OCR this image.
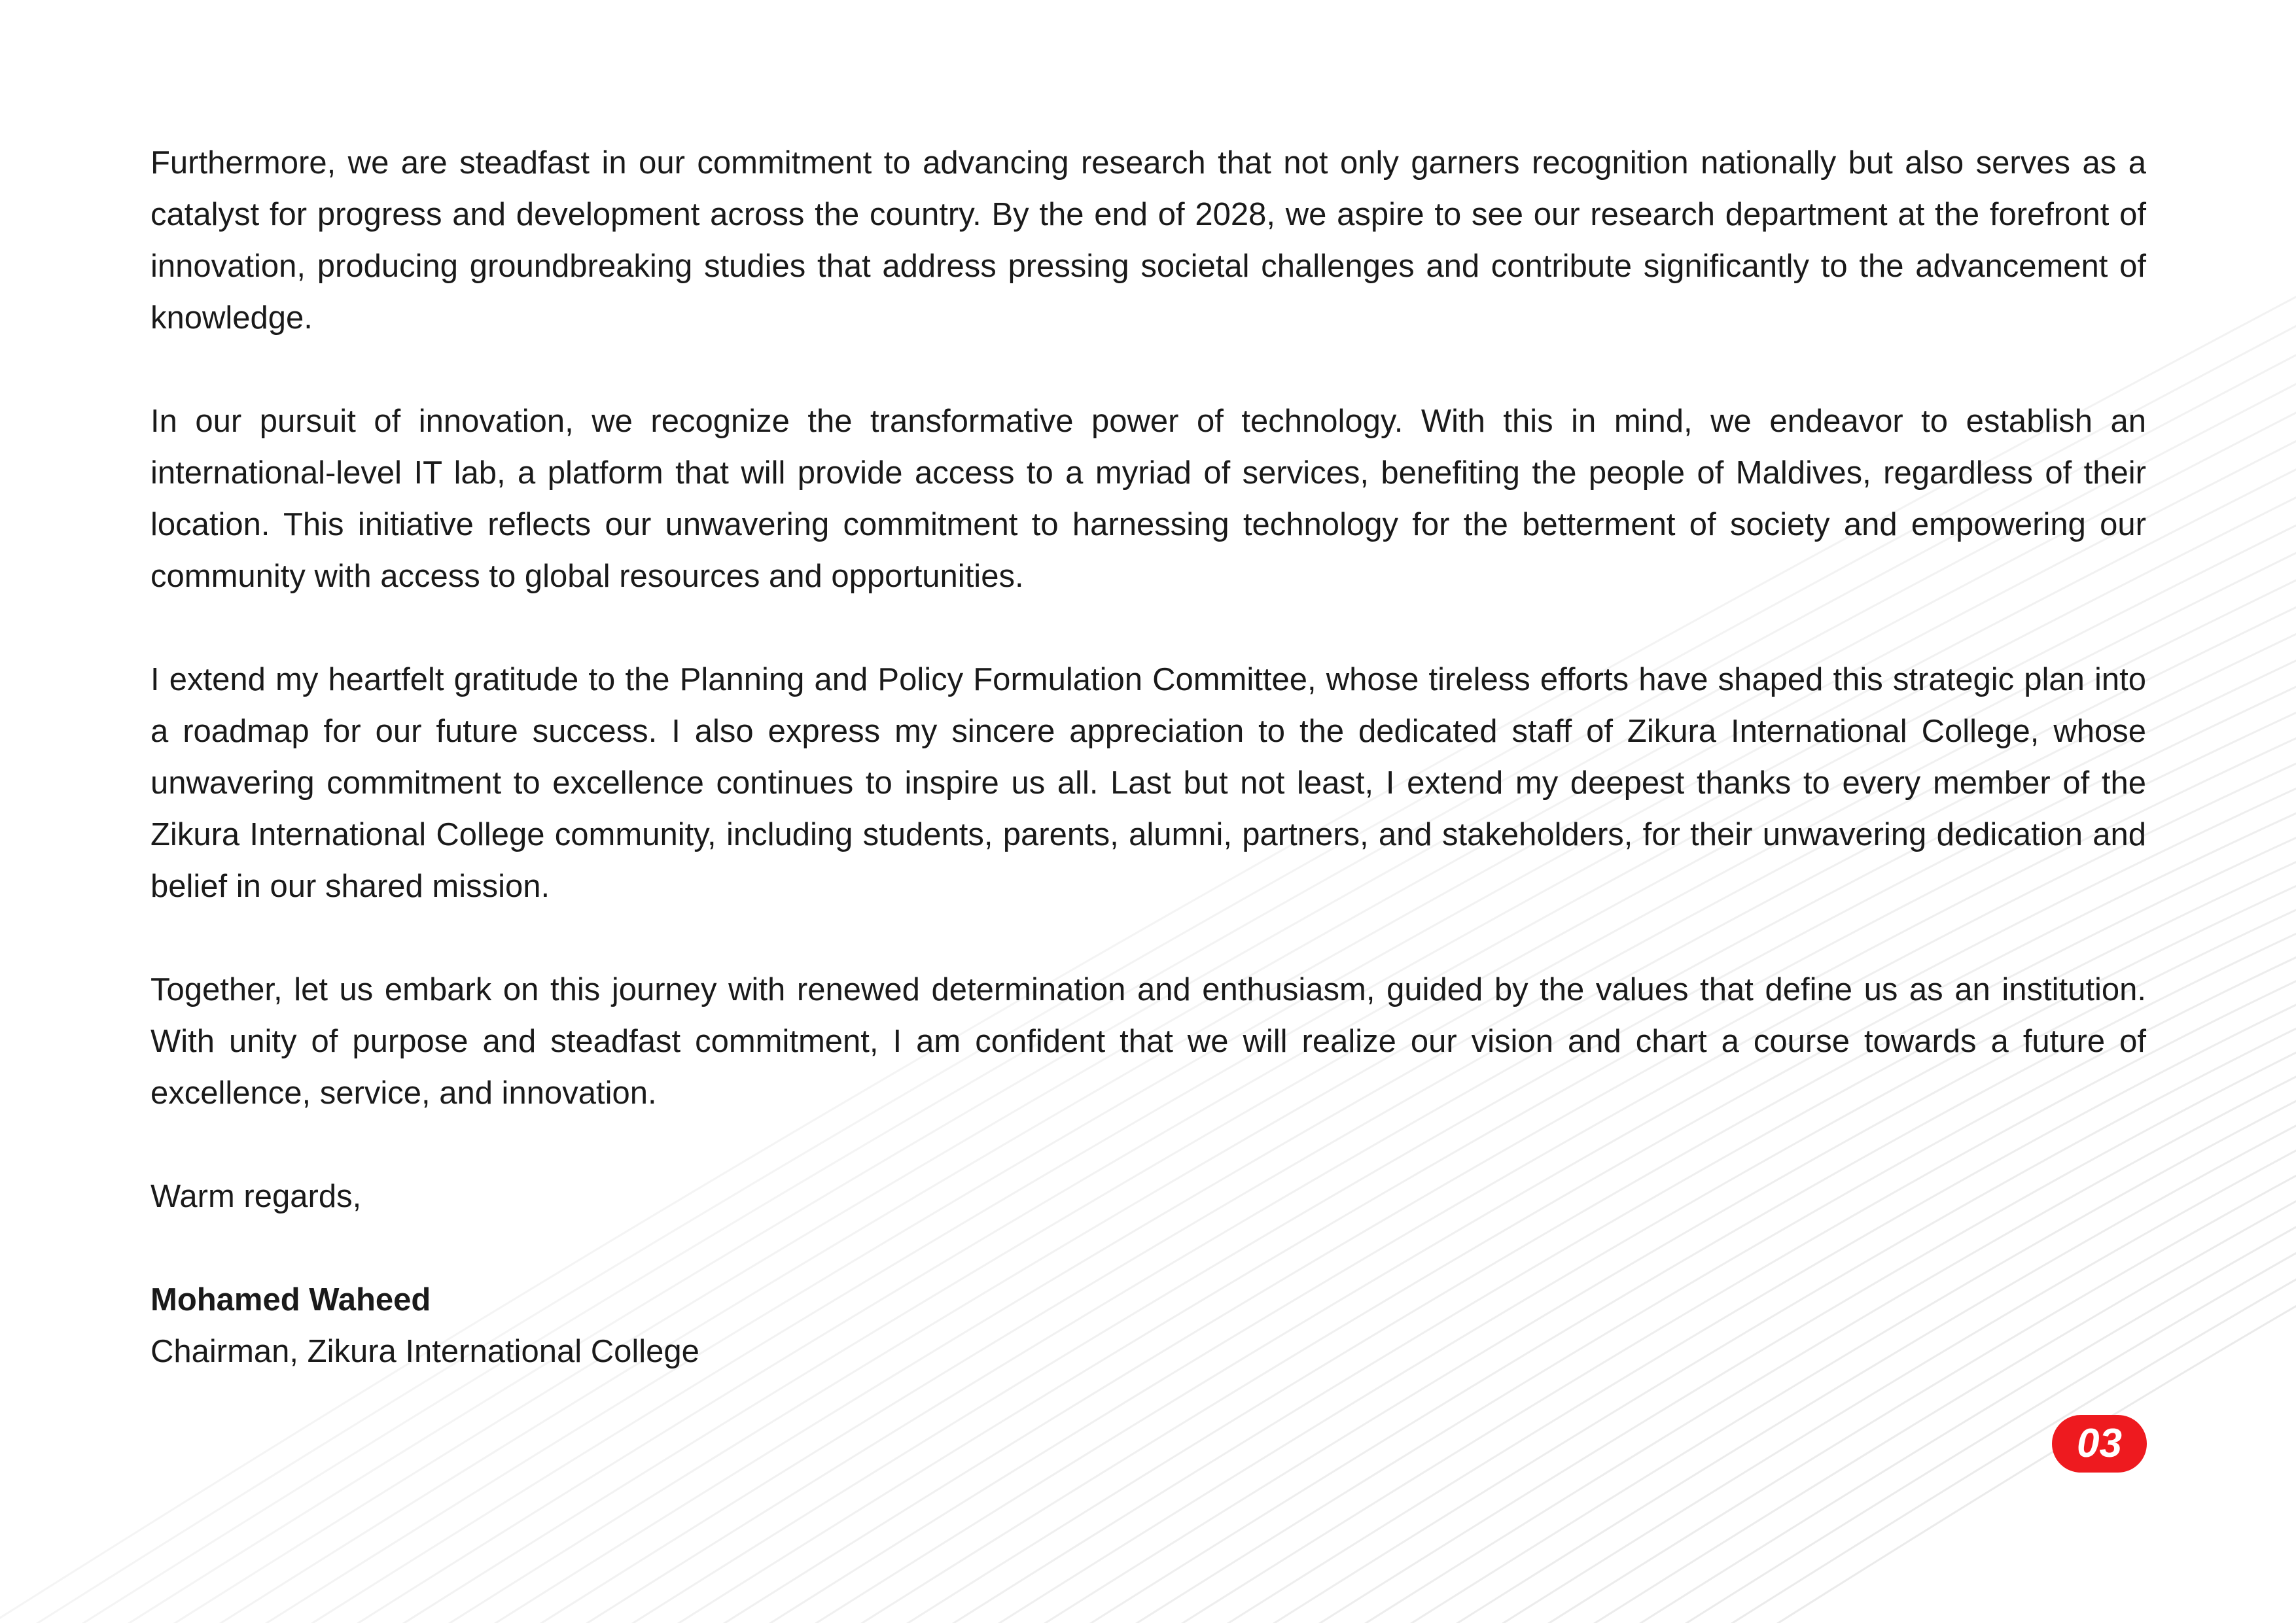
Furthermore, we are steadfast in our commitment to advancing research that not only garners recognition nationally but also serves as a catalyst for progress and development across the country. By the end of 2028, we aspire to see our research department at the forefront of innovation, producing groundbreaking studies that address pressing societal challenges and contribute significantly to the advancement of knowledge.

In our pursuit of innovation, we recognize the transformative power of technology. With this in mind, we endeavor to establish an international-level IT lab, a platform that will provide access to a myriad of services, benefiting the people of Maldives, regardless of their location. This initiative reflects our unwavering commitment to harnessing technology for the betterment of society and empowering our community with access to global resources and opportunities.

I extend my heartfelt gratitude to the Planning and Policy Formulation Committee, whose tireless efforts have shaped this strategic plan into a roadmap for our future success. I also express my sincere appreciation to the dedicated staff of Zikura International College, whose unwavering commitment to excellence continues to inspire us all. Last but not least, I extend my deepest thanks to every member of the Zikura International College community, including students, parents, alumni, partners, and stakeholders, for their unwavering dedication and belief in our shared mission.

Together, let us embark on this journey with renewed determination and enthusiasm, guided by the values that define us as an institution. With unity of purpose and steadfast commitment, I am confident that we will realize our vision and chart a course towards a future of excellence, service, and innovation.

Warm regards,

Mohamed Waheed

Chairman, Zikura International College

03
